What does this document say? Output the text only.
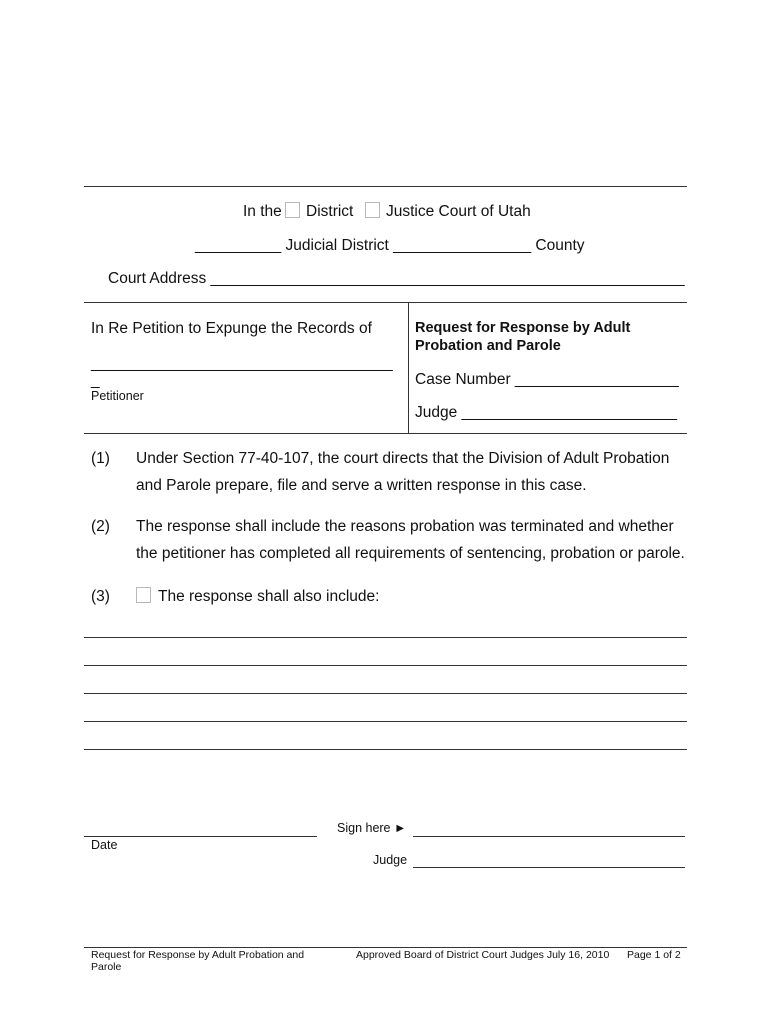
In the District Justice Court of Utah
__________ Judicial District ________________ County
Court Address _______________________________________________________
In Re Petition to Expunge the Records of
___________________________________
_
Petitioner
Request for Response by Adult
Probation and Parole
Case Number ___________________
Judge _________________________
(1) Under Section 77-40-107, the court directs that the Division of Adult Probation
and Parole prepare, file and serve a written response in this case.
(2) The response shall include the reasons probation was terminated and whether
the petitioner has completed all requirements of sentencing, probation or parole.
(3)	The response shall also include:
Date
Sign here ►
Judge
Request for Response by Adult Probation and
Parole
Approved Board of District Court Judges July 16, 2010 Page 1 of 2
